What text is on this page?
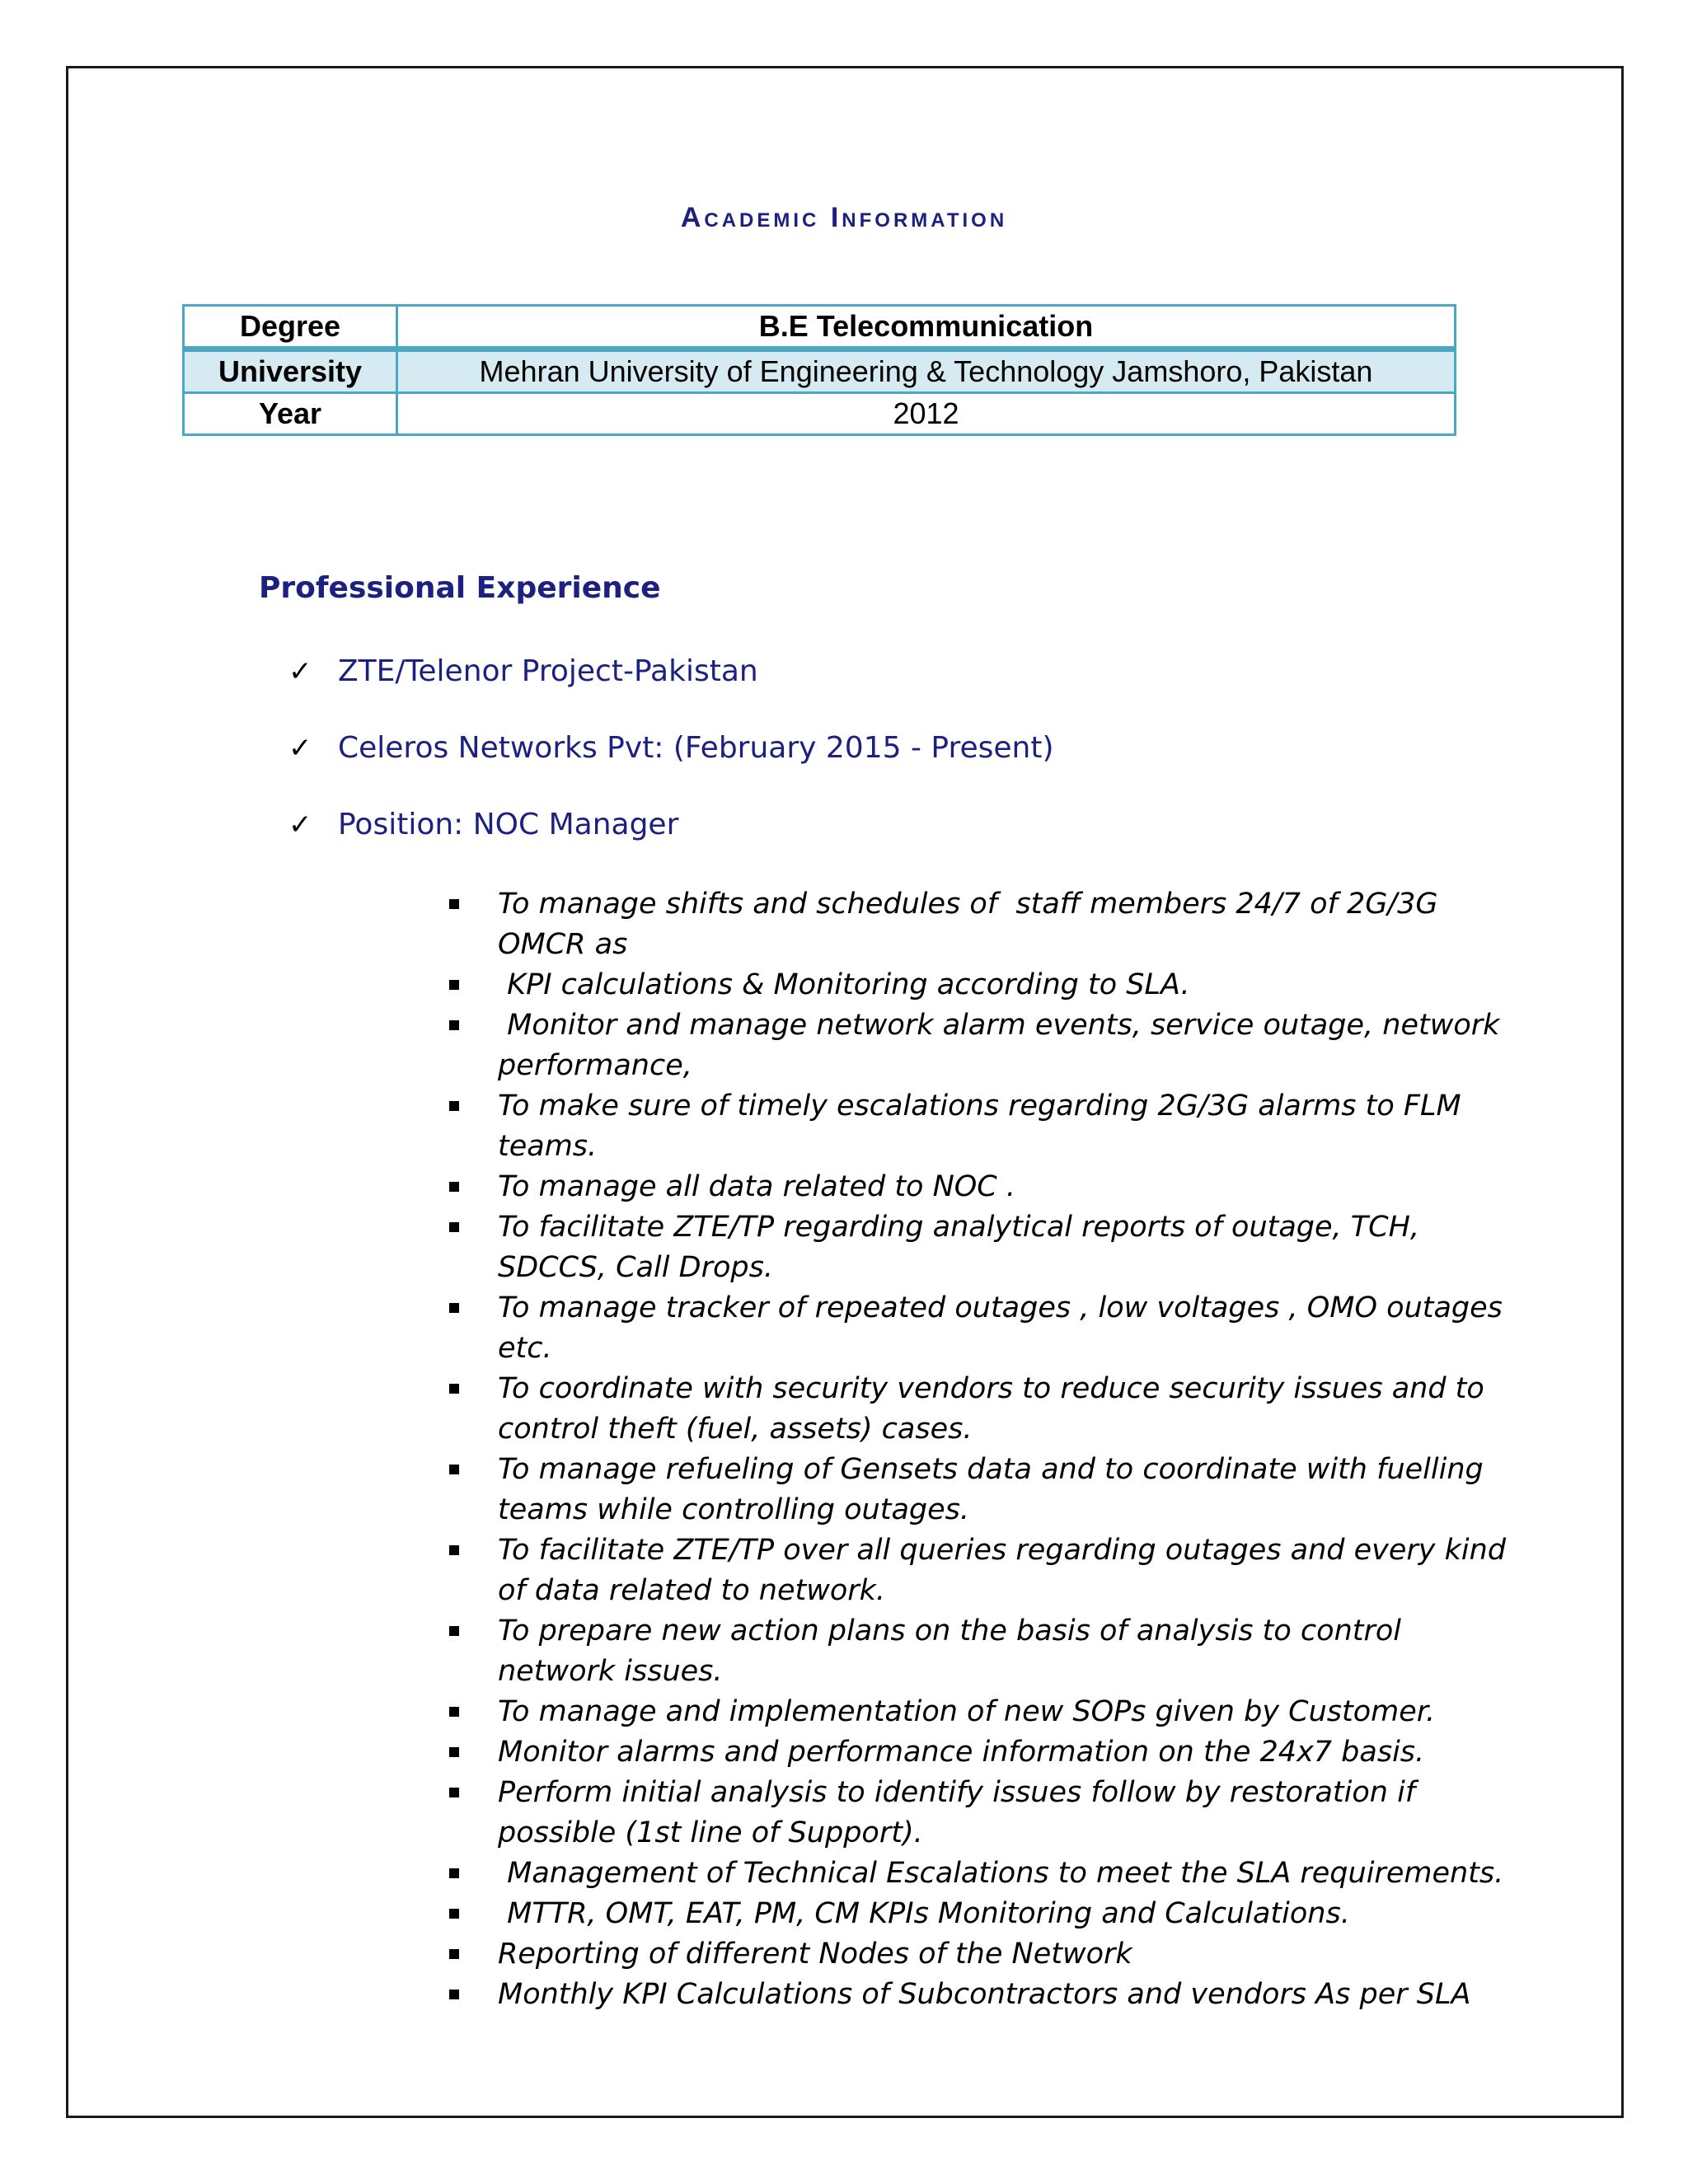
Academic Information
Degree	B.E Telecommunication
University	Mehran University of Engineering & Technology Jamshoro, Pakistan
Year	2012
Professional Experience
✓ ZTE/Telenor Project-Pakistan
✓ Celeros Networks Pvt: (February 2015 - Present)
✓ Position: NOC Manager
To manage shifts and schedules of  staff members 24/7 of 2G/3G OMCR as
KPI calculations & Monitoring according to SLA.
Monitor and manage network alarm events, service outage, network performance,
To make sure of timely escalations regarding 2G/3G alarms to FLM teams.
To manage all data related to NOC .
To facilitate ZTE/TP regarding analytical reports of outage, TCH, SDCCS, Call Drops.
To manage tracker of repeated outages , low voltages , OMO outages etc.
To coordinate with security vendors to reduce security issues and to control theft (fuel, assets) cases.
To manage refueling of Gensets data and to coordinate with fuelling teams while controlling outages.
To facilitate ZTE/TP over all queries regarding outages and every kind of data related to network.
To prepare new action plans on the basis of analysis to control network issues.
To manage and implementation of new SOPs given by Customer.
Monitor alarms and performance information on the 24x7 basis.
Perform initial analysis to identify issues follow by restoration if possible (1st line of Support).
Management of Technical Escalations to meet the SLA requirements.
MTTR, OMT, EAT, PM, CM KPIs Monitoring and Calculations.
Reporting of different Nodes of the Network
Monthly KPI Calculations of Subcontractors and vendors As per SLA
